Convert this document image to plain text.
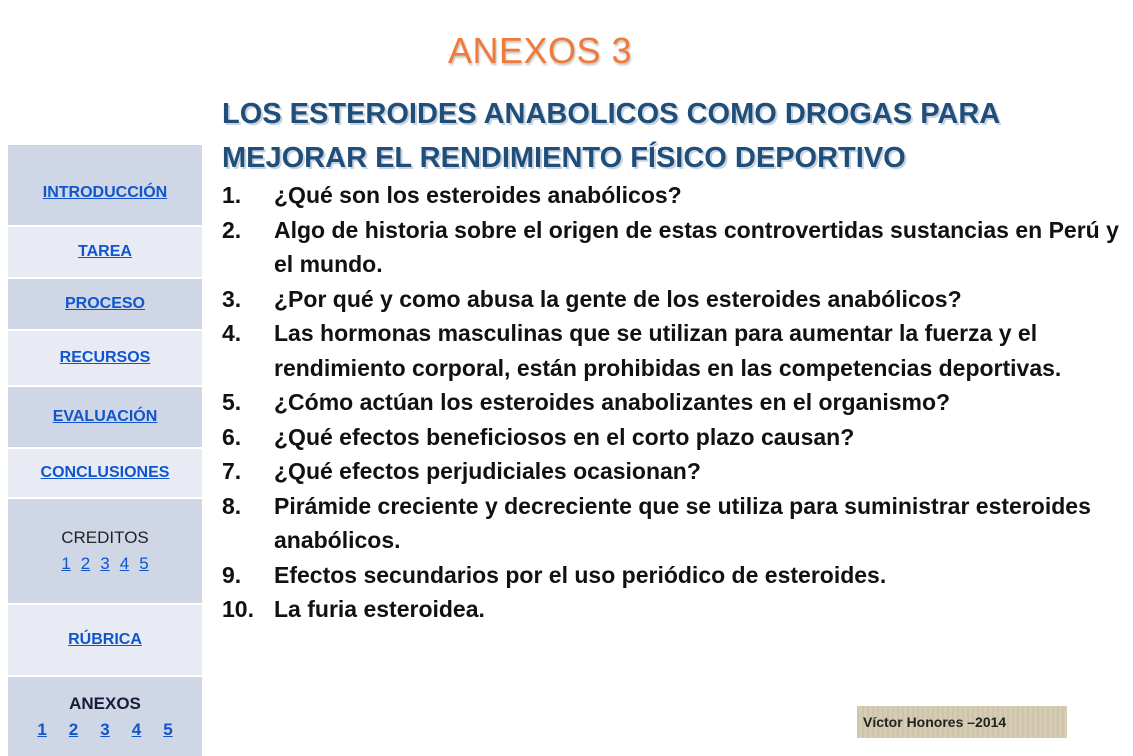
ANEXOS 3
LOS ESTEROIDES ANABOLICOS COMO DROGAS PARA MEJORAR EL RENDIMIENTO FÍSICO DEPORTIVO
1.	¿Qué son los esteroides anabólicos?
2.	Algo de historia sobre el origen de estas controvertidas sustancias en Perú y el mundo.
3.	¿Por qué y como abusa la gente de los esteroides anabólicos?
4.	Las hormonas masculinas que se utilizan para aumentar la fuerza y el rendimiento corporal, están prohibidas en las competencias deportivas.
5.	¿Cómo actúan los esteroides anabolizantes en el organismo?
6.	¿Qué efectos beneficiosos en el corto plazo causan?
7.	¿Qué efectos perjudiciales ocasionan?
8.	Pirámide creciente y decreciente que se utiliza para suministrar esteroides anabólicos.
9.	Efectos secundarios por el uso periódico de esteroides.
10. La furia esteroidea.
INTRODUCCIÓN
TAREA
PROCESO
RECURSOS
EVALUACIÓN
CONCLUSIONES
CREDITOS
1 2 3 4 5
RÚBRICA
ANEXOS
1 2 3 4 5	Víctor Honores –2014
